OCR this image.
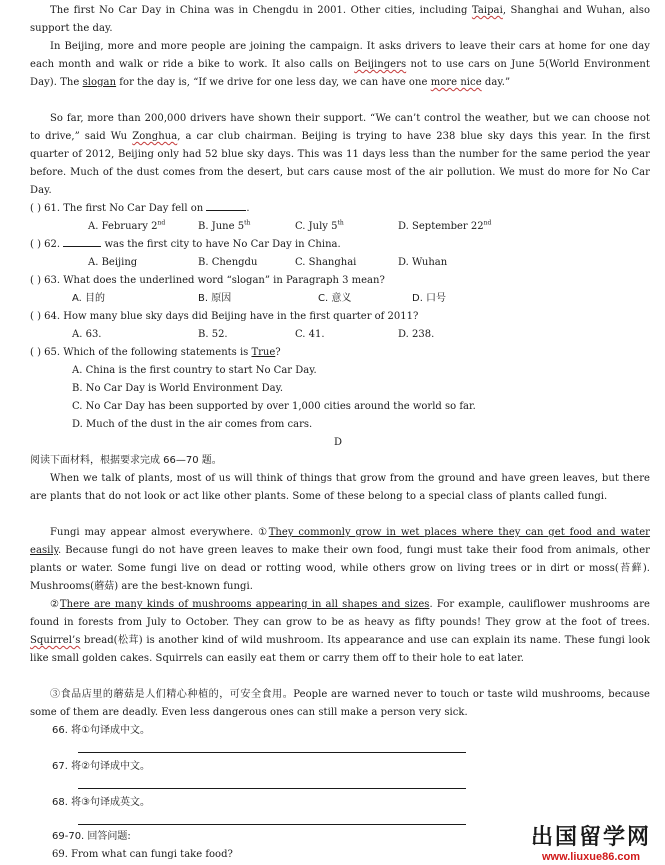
The first No Car Day in China was in Chengdu in 2001. Other cities, including Taipai, Shanghai and Wuhan, also support the day.

In Beijing, more and more people are joining the campaign. It asks drivers to leave their cars at home for one day each month and walk or ride a bike to work. It also calls on Beijingers not to use cars on June 5(World Environment Day). The slogan for the day is, “If we drive for one less day, we can have one more nice day.”

So far, more than 200,000 drivers have shown their support. “We can’t control the weather, but we can choose not to drive,” said Wu Zonghua, a car club chairman. Beijing is trying to have 238 blue sky days this year. In the first quarter of 2012, Beijing only had 52 blue sky days. This was 11 days less than the number for the same period the year before. Much of the dust comes from the desert, but cars cause most of the air pollution. We must do more for No Car Day.

( ) 61. The first No Car Day fell on	.
A. February 2nd	B. June 5th	C. July 5th	D. September 22nd
( ) 62.	was the first city to have No Car Day in China.
A. Beijing	B. Chengdu	C. Shanghai	D. Wuhan
( ) 63. What does the underlined word “slogan” in Paragraph 3 mean?
A. 目的	B. 原因	C. 意义	D. 口号
( ) 64. How many blue sky days did Beijing have in the first quarter of 2011?
A. 63.	B. 52.	C. 41.	D. 238.
( ) 65. Which of the following statements is True?
A. China is the first country to start No Car Day.
B. No Car Day is World Environment Day.
C. No Car Day has been supported by over 1,000 cities around the world so far.
D. Much of the dust in the air comes from cars.
D
阅读下面材料，根据要求完成 66—70 题。

When we talk of plants, most of us will think of things that grow from the ground and have green leaves, but there are plants that do not look or act like other plants. Some of these belong to a special class of plants called fungi.

Fungi may appear almost everywhere. ①They commonly grow in wet places where they can get food and water easily. Because fungi do not have green leaves to make their own food, fungi must take their food from animals, other plants or water. Some fungi live on dead or rotting wood, while others grow on living trees or in dirt or moss(苔藓). Mushrooms(蘑菇) are the best-known fungi.

②There are many kinds of mushrooms appearing in all shapes and sizes. For example, cauliflower mushrooms are found in forests from July to October. They can grow to be as heavy as fifty pounds! They grow at the foot of trees. Squirrel’s bread(松茸) is another kind of wild mushroom. Its appearance and use can explain its name. These fungi look like small golden cakes. Squirrels can easily eat them or carry them off to their hole to eat later.

③食品店里的蘑菇是人们精心种植的，可安全食用。People are warned never to touch or taste wild mushrooms, because some of them are deadly. Even less dangerous ones can still make a person very sick.

66. 将①句译成中文。
67. 将②句译成中文。
68. 将③句译成英文。
69-70. 回答问题:
69. From what can fungi take food?
出国留学网
www.liuxue86.com
